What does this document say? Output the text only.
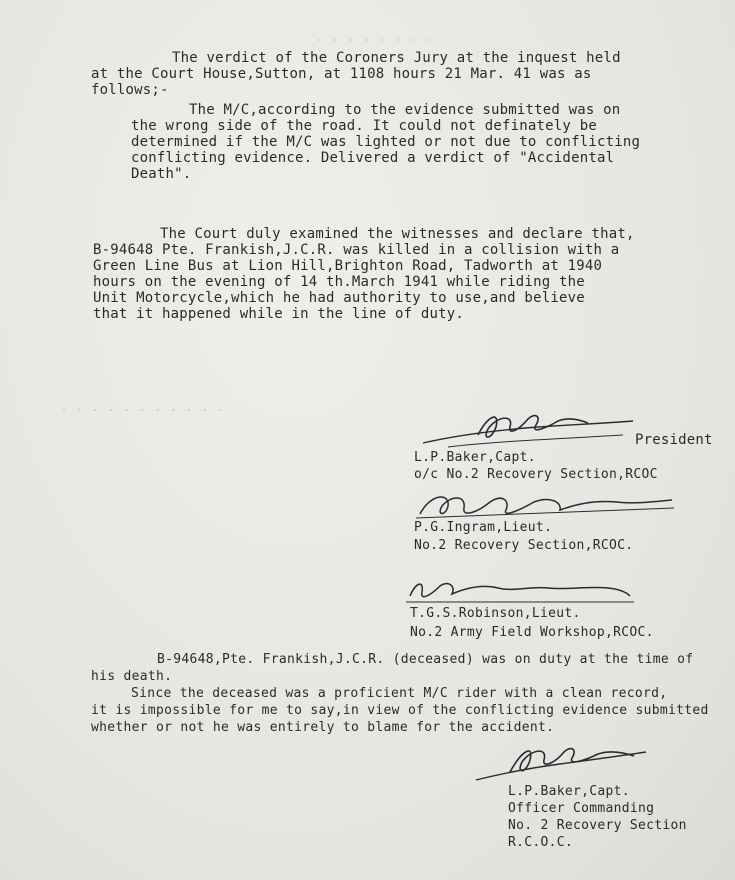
. . . . . . . . .
. . . . . . . . . . .
The verdict of the Coroners Jury at the inquest held
at the Court House,Sutton, at 1108 hours 21 Mar. 41 was as
follows;-
The M/C,according to the evidence submitted was on
the wrong side of the road. It could not definately be
determined if the M/C was lighted or not due to conflicting
conflicting evidence. Delivered a verdict of "Accidental
Death".
The Court duly examined the witnesses and declare that,
B-94648 Pte. Frankish,J.C.R. was killed in a collision with a
Green Line Bus at Lion Hill,Brighton Road, Tadworth at 1940
hours on the evening of 14 th.March 1941 while riding the
Unit Motorcycle,which he had authority to use,and believe
that it happened while in the line of duty.
President
L.P.Baker,Capt.
o/c No.2 Recovery Section,RCOC
P.G.Ingram,Lieut.
No.2 Recovery Section,RCOC.
T.G.S.Robinson,Lieut.
No.2 Army Field Workshop,RCOC.
B-94648,Pte. Frankish,J.C.R. (deceased) was on duty at the time of
his death.
Since the deceased was a proficient M/C rider with a clean record,
it is impossible for me to say,in view of the conflicting evidence submitted
whether or not he was entirely to blame for the accident.
L.P.Baker,Capt.
Officer Commanding
No. 2 Recovery Section
R.C.O.C.
